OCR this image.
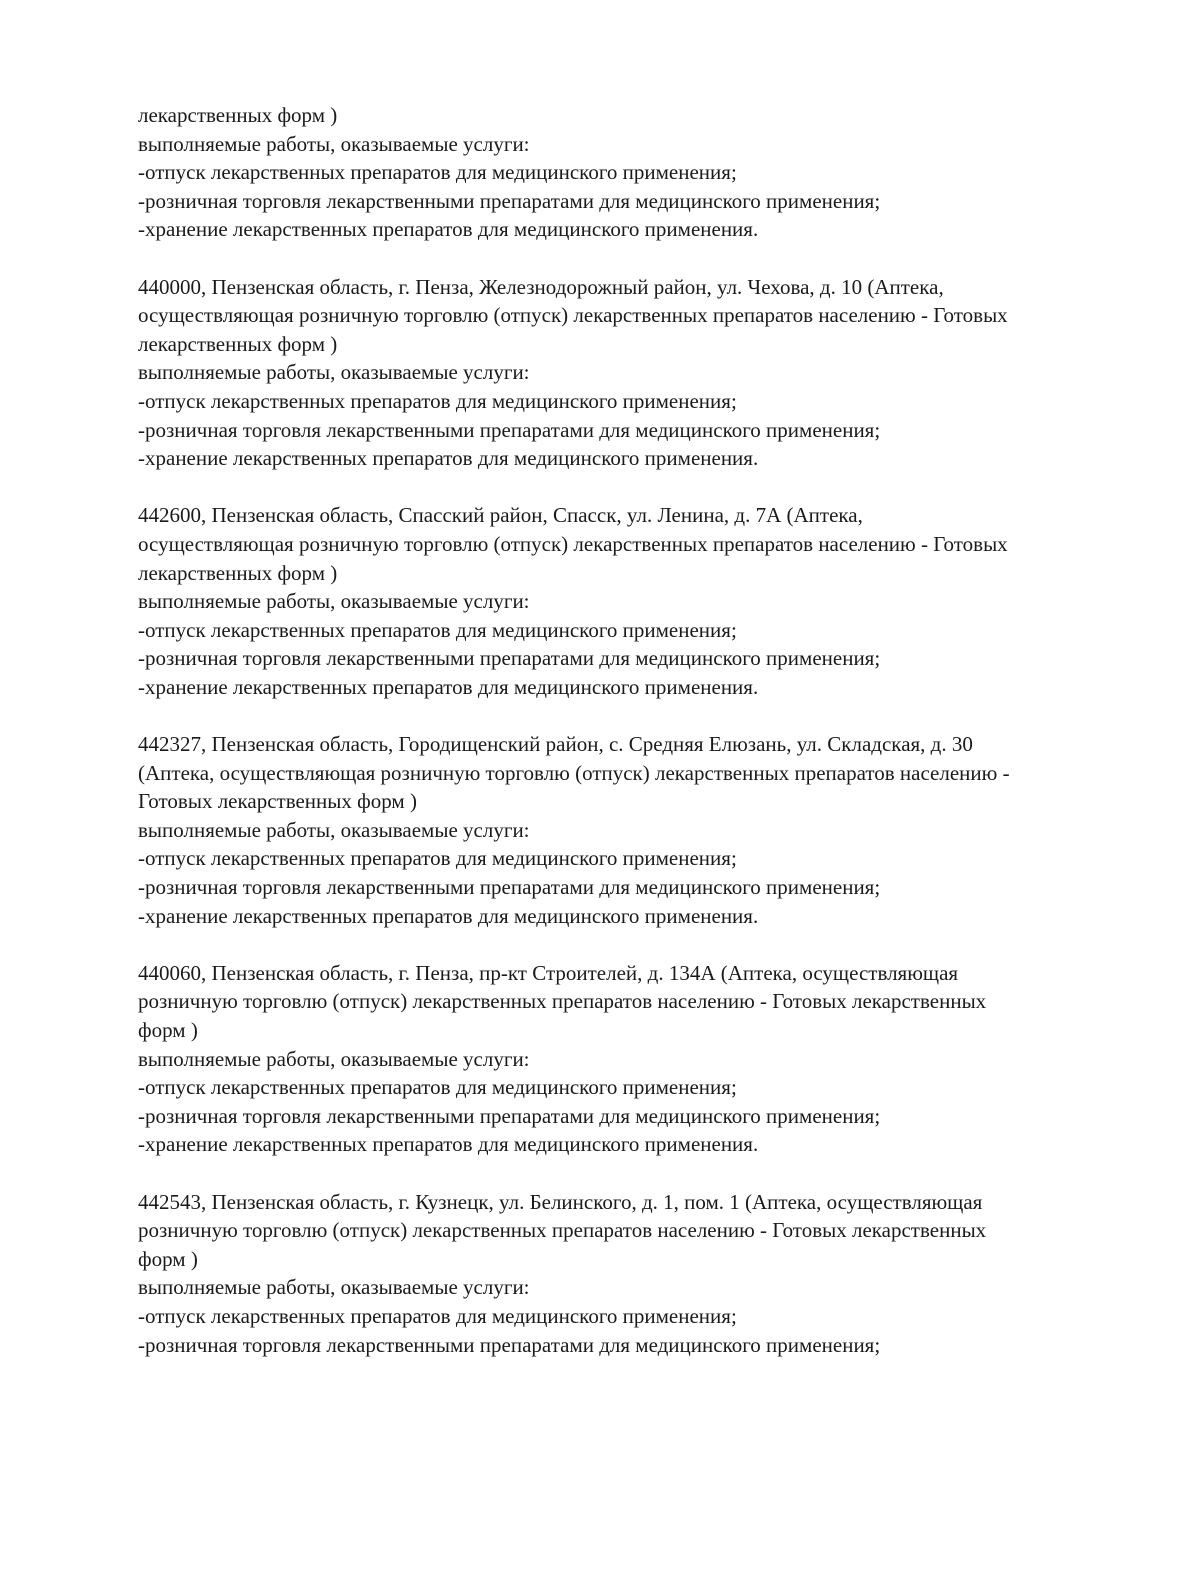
лекарственных форм )
выполняемые работы, оказываемые услуги:
-отпуск лекарственных препаратов для медицинского применения;
-розничная торговля лекарственными препаратами для медицинского применения;
-хранение лекарственных препаратов для медицинского применения.
440000, Пензенская область, г. Пенза, Железнодорожный район, ул. Чехова, д. 10 (Аптека,
осуществляющая розничную торговлю (отпуск) лекарственных препаратов населению - Готовых
лекарственных форм )
выполняемые работы, оказываемые услуги:
-отпуск лекарственных препаратов для медицинского применения;
-розничная торговля лекарственными препаратами для медицинского применения;
-хранение лекарственных препаратов для медицинского применения.
442600, Пензенская область, Спасский район, Спасск, ул. Ленина, д. 7А (Аптека,
осуществляющая розничную торговлю (отпуск) лекарственных препаратов населению - Готовых
лекарственных форм )
выполняемые работы, оказываемые услуги:
-отпуск лекарственных препаратов для медицинского применения;
-розничная торговля лекарственными препаратами для медицинского применения;
-хранение лекарственных препаратов для медицинского применения.
442327, Пензенская область, Городищенский район, с. Средняя Елюзань, ул. Складская, д. 30
(Аптека, осуществляющая розничную торговлю (отпуск) лекарственных препаратов населению -
Готовых лекарственных форм )
выполняемые работы, оказываемые услуги:
-отпуск лекарственных препаратов для медицинского применения;
-розничная торговля лекарственными препаратами для медицинского применения;
-хранение лекарственных препаратов для медицинского применения.
440060, Пензенская область, г. Пенза, пр-кт Строителей, д. 134А (Аптека, осуществляющая
розничную торговлю (отпуск) лекарственных препаратов населению - Готовых лекарственных
форм )
выполняемые работы, оказываемые услуги:
-отпуск лекарственных препаратов для медицинского применения;
-розничная торговля лекарственными препаратами для медицинского применения;
-хранение лекарственных препаратов для медицинского применения.
442543, Пензенская область, г. Кузнецк, ул. Белинского, д. 1, пом. 1 (Аптека, осуществляющая
розничную торговлю (отпуск) лекарственных препаратов населению - Готовых лекарственных
форм )
выполняемые работы, оказываемые услуги:
-отпуск лекарственных препаратов для медицинского применения;
-розничная торговля лекарственными препаратами для медицинского применения;
